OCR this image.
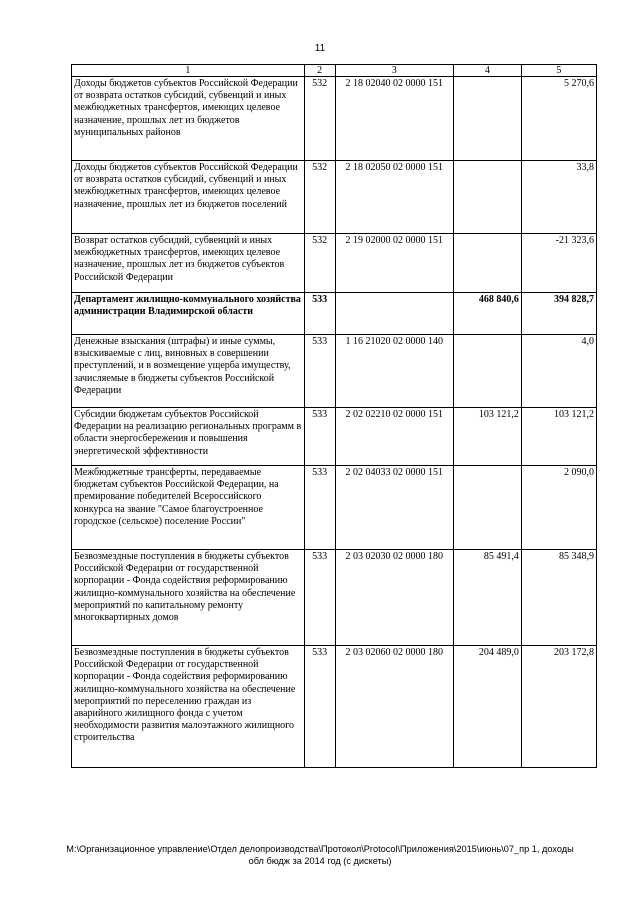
11
1	2	3	4	5
Доходы бюджетов субъектов Российской Федерации от возврата остатков субсидий, субвенций и иных межбюджетных трансфертов, имеющих целевое назначение, прошлых лет из бюджетов муниципальных районов	532	2 18 02040 02 0000 151		5 270,6
Доходы бюджетов субъектов Российской Федерации от возврата остатков субсидий, субвенций и иных межбюджетных трансфертов, имеющих целевое назначение, прошлых лет из бюджетов поселений	532	2 18 02050 02 0000 151		33,8
Возврат остатков субсидий, субвенций и иных межбюджетных трансфертов, имеющих целевое назначение, прошлых лет из бюджетов субъектов Российской Федерации	532	2 19 02000 02 0000 151		-21 323,6
Департамент жилищно-коммунального хозяйства администрации Владимирской области	533		468 840,6	394 828,7
Денежные взыскания (штрафы) и иные суммы, взыскиваемые с лиц, виновных в совершении преступлений, и в возмещение ущерба имуществу, зачисляемые в бюджеты субъектов Российской Федерации	533	1 16 21020 02 0000 140		4,0
Субсидии бюджетам субъектов Российской Федерации на реализацию региональных программ в области энергосбережения и повышения энергетической эффективности	533	2 02 02210 02 0000 151	103 121,2	103 121,2
Межбюджетные трансферты, передаваемые бюджетам субъектов Российской Федерации, на премирование победителей Всероссийского конкурса на звание "Самое благоустроенное городское (сельское) поселение России"	533	2 02 04033 02 0000 151		2 090,0
Безвозмездные поступления в бюджеты субъектов Российской Федерации от государственной корпорации - Фонда содействия реформированию жилищно-коммунального хозяйства на обеспечение мероприятий по капитальному ремонту многоквартирных домов	533	2 03 02030 02 0000 180	85 491,4	85 348,9
Безвозмездные поступления в бюджеты субъектов Российской Федерации от государственной корпорации - Фонда содействия реформированию жилищно-коммунального хозяйства на обеспечение мероприятий по переселению граждан из аварийного жилищного фонда с учетом необходимости развития малоэтажного жилищного строительства	533	2 03 02060 02 0000 180	204 489,0	203 172,8
M:\Организационное управление\Отдел делопроизводства\Протокол\Protocol\Приложения\2015\июнь\07_пр 1, доходы
обл бюдж за 2014 год (с дискеты)
